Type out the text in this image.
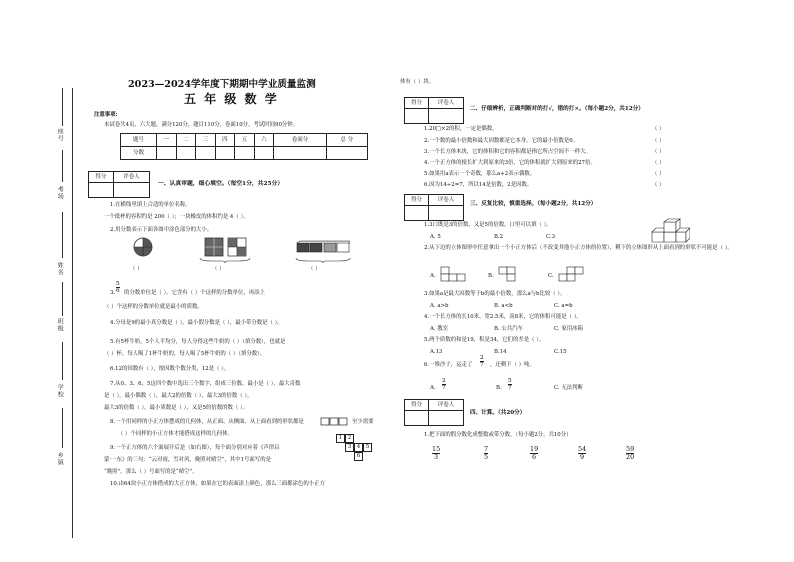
座号
考场
姓名
班级
学校
乡镇
2023—2024学年度下期期中学业质量监测
五 年 级 数 学
注意事项:
本试卷共4页，六大题，满分120分，题目110分，卷面10分。考试时间90分钟。
题号	一	二	三	四	五	六	卷面分	总 分
分数								
得分	评卷人

一、认真审题，细心填空。（每空1分，共25分）
1.在横线里填上合适的单位名称。
一个纸杯的容积约是 200（ ）；一块橡皮的体积约是 4（ ）。
2.用分数表示下面各图中涂色部分的大小。
（ ）	（ ）	（ ）
3.
5
6 的分数单位是（ ），它含有（ ）个这样的分数单位，再添上
（ ）个这样的分数单位就是最小的质数。
4.分母是9的最小真分数是（ ），最小假分数是（ ），最小带分数是（ ）。
5.有5杯牛奶，5个人平均分，每人分得这些牛奶的（ ）（填分数），也就是
（ ）杯。每人喝了1杯牛奶的，每人喝了5杯牛奶的（ ）（填分数）。
6.12的因数有（ ），按因数个数分类，12是（ ）。
7.从0、3、6、5这四个数中选出三个数字，组成三位数。最小是（ ），最大奇数
是（ ），最小偶数（ ），最大2的倍数（ ），最大3的倍数（ ），
最大3的倍数（ ），最小质数是（ ），又是5的倍数的数（ ）。
8.一个用同样的小正方体摆成的几何体，从正面、从侧面、从上面看到的形状都是	至少需要
（ ）个同样的小正方体才能搭成这样的几何体。
9.一个正方体的六个面展开后是（如右图），每个面分别对应着《声律启
蒙·一东》的三句：“云对雨，雪对风，晚照对晴空”，其中1号面写的是
“晚照”，那么（ ）号面写的是“晴空”。
1	2
3	4	5
6
10.由64块小正方体搭成的大正方体，如果在它的表面涂上颜色，那么三面都涂色的小正方
体有（ ）块。
得分	评卷人

二、仔细辨析，正确判断对的打√，错的打×。（每小题2分，共12分）
1.20□×2的积，一定是偶数。	（ ）
2.一个数的最小倍数和最大因数都是它本身，它的最小倍数是0。	（ ）
3.一个长方体木块，它的体积和它的容积都是指它所占空间不一样大。	（ ）
4.一个正方体的棱长扩大到原来的3倍，它的体积就扩大到原来的27倍。	（ ）
5.如果用a表示一个奇数，那么a+2表示偶数。	（ ）
6.因为14÷2=7，所以14是倍数，2是因数。	（ ）
得分	评卷人

三、反复比较，慎重选择。（每小题2分，共12分）
1.3口既是3的倍数，又是5的倍数，口里可以填（ ）。
A. 5	B.2	C.3
2.从下边的立体图形中任意拿出一个小正方体后（不改变其他小正方体的位置），剩下的立体图形从上面看到的形状不可能是（ ）。
A.	B.	C.
3.如果a是最大因数等于b的最小倍数，那么a与b比较（ ）。
A. a>b	B. a<b	C. a=b
4.一个长方体的长10米，宽2.5米，高8米，它的体积可能是（ ）。
A. 教室	B. 公共汽车	C. 家用冰箱
5.两个质数的和是19，积是34，它们的差是（ ）。
A.13	B.14	C.15
6.一堆沙子，运走了
2
7 ，还剩下（ ）吨。
A.
2
7	B.
5
7	C. 无法判断
得分	评卷人

四、计算。（共20分）
1.把下面的假分数化成整数或带分数。（每小题2分，共10分）
15
3
7
5
19
6
54
9
59
20
